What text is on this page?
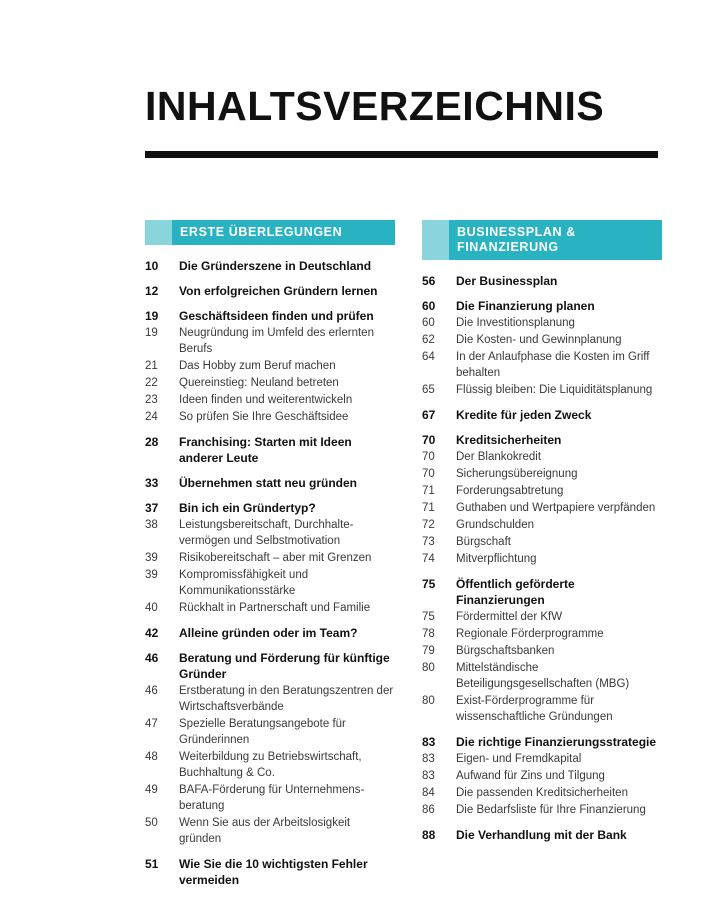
INHALTSVERZEICHNIS
ERSTE ÜBERLEGUNGEN
10	Die Gründerszene in Deutschland
12	Von erfolgreichen Gründern lernen
19	Geschäftsideen finden und prüfen
19	Neugründung im Umfeld des erlernten Berufs
21	Das Hobby zum Beruf machen
22	Quereinstieg: Neuland betreten
23	Ideen finden und weiterentwickeln
24	So prüfen Sie Ihre Geschäftsidee
28	Franchising: Starten mit Ideen anderer Leute
33	Übernehmen statt neu gründen
37	Bin ich ein Gründertyp?
38	Leistungsbereitschaft, Durchhalte-vermögen und Selbstmotivation
39	Risikobereitschaft – aber mit Grenzen
39	Kompromissfähigkeit und Kommunikationsstärke
40	Rückhalt in Partnerschaft und Familie
42	Alleine gründen oder im Team?
46	Beratung und Förderung für künftige Gründer
46	Erstberatung in den Beratungszentren der Wirtschaftsverbände
47	Spezielle Beratungsangebote für Gründerinnen
48	Weiterbildung zu Betriebswirtschaft, Buchhaltung & Co.
49	BAFA-Förderung für Unternehmens-beratung
50	Wenn Sie aus der Arbeitslosigkeit gründen
51	Wie Sie die 10 wichtigsten Fehler vermeiden
BUSINESSPLAN & FINANZIERUNG
56	Der Businessplan
60	Die Finanzierung planen
60	Die Investitionsplanung
62	Die Kosten- und Gewinnplanung
64	In der Anlaufphase die Kosten im Griff behalten
65	Flüssig bleiben: Die Liquiditätsplanung
67	Kredite für jeden Zweck
70	Kreditsicherheiten
70	Der Blankokredit
70	Sicherungsübereignung
71	Forderungsabtretung
71	Guthaben und Wertpapiere verpfänden
72	Grundschulden
73	Bürgschaft
74	Mitverpflichtung
75	Öffentlich geförderte Finanzierungen
75	Fördermittel der KfW
78	Regionale Förderprogramme
79	Bürgschaftsbanken
80	Mittelständische Beteiligungsgesellschaften (MBG)
80	Exist-Förderprogramme für wissenschaftliche Gründungen
83	Die richtige Finanzierungsstrategie
83	Eigen- und Fremdkapital
83	Aufwand für Zins und Tilgung
84	Die passenden Kreditsicherheiten
86	Die Bedarfsliste für Ihre Finanzierung
88	Die Verhandlung mit der Bank
